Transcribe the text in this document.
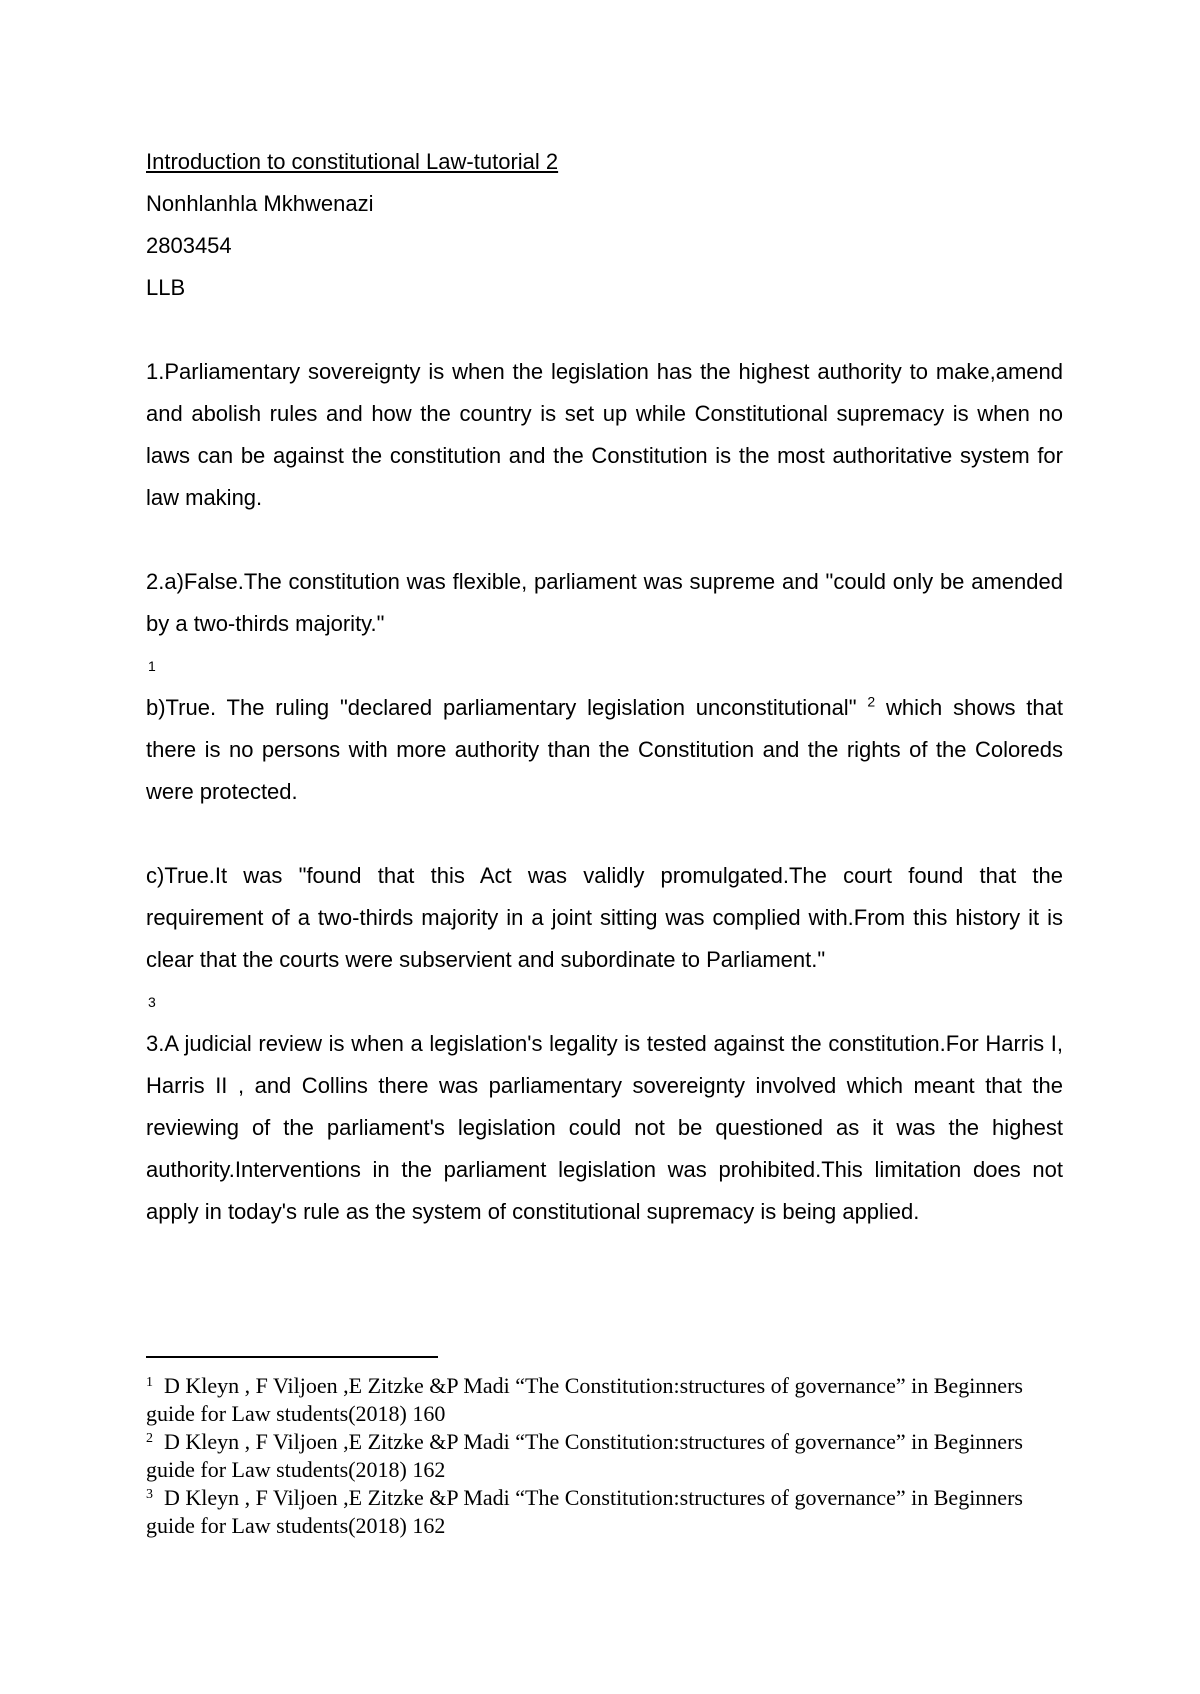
Introduction to constitutional Law-tutorial 2

Nonhlanhla Mkhwenazi

2803454

LLB

1.Parliamentary sovereignty is when the legislation has the highest authority to make,amend and abolish rules and how the country is set up while Constitutional supremacy is when no laws can be against the constitution and the Constitution is the most authoritative system for law making.

2.a)False.The constitution was flexible, parliament was supreme and "could only be amended by a two-thirds majority."

1

b)True. The ruling "declared parliamentary legislation unconstitutional" $^2$ which shows that there is no persons with more authority than the Constitution and the rights of the Coloreds were protected.

c)True.It was "found that this Act was validly promulgated.The court found that the requirement of a two-thirds majority in a joint sitting was complied with.From this history it is clear that the courts were subservient and subordinate to Parliament."

3

3.A judicial review is when a legislation's legality is tested against the constitution.For Harris I, Harris II , and Collins there was parliamentary sovereignty involved which meant that the reviewing of the parliament's legislation could not be questioned as it was the highest authority.Interventions in the parliament legislation was prohibited.This limitation does not apply in today's rule as the system of constitutional supremacy is being applied.

1 D Kleyn , F Viljoen ,E Zitzke &P Madi “The Constitution:structures of governance” in Beginners guide for Law students(2018) 160

2 D Kleyn , F Viljoen ,E Zitzke &P Madi “The Constitution:structures of governance” in Beginners guide for Law students(2018) 162

3 D Kleyn , F Viljoen ,E Zitzke &P Madi “The Constitution:structures of governance” in Beginners guide for Law students(2018) 162
